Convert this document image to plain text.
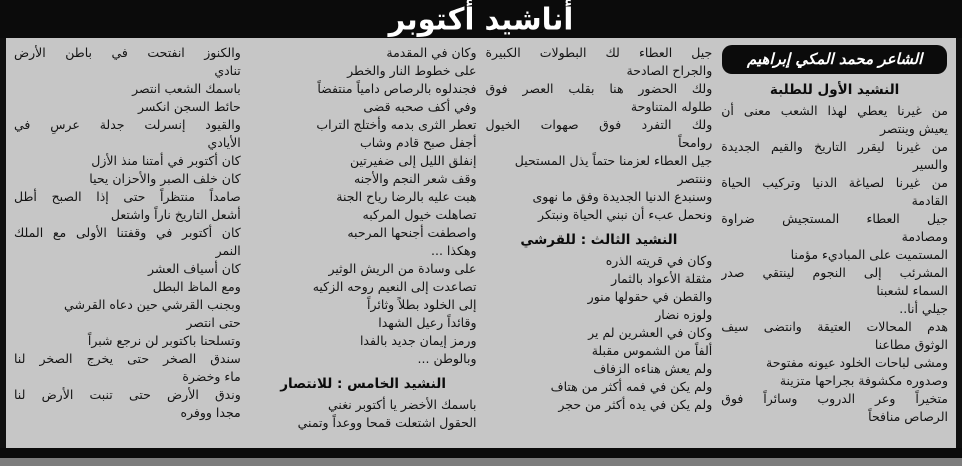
أناشيد أكتوبر
الشاعر محمد المكي إبراهيم
النشيد الأول للطلبة
من غيرنا يعطي لهذا الشعب معنى أن
يعيش وينتصر
من غيرنا ليقرر التاريخ والقيم الجديدة
والسير
من غيرنا لصياغة الدنيا وتركيب الحياة
القادمة
جيل العطاء المستجيش ضراوة
ومصادمة
المستميت على المباديء مؤمنا
المشرئب إلى النجوم لينتقي صدر
السماء لشعبنا
جيلي أنا..
هدم المحالات العتيقة وانتضى سيف
الوثوق مطاعنا
ومشى لباحات الخلود عيونه مفتوحة
وصدوره مكشوفة بجراحها متزينة
متخيراً وعر الدروب وسائراً فوق
الرصاص منافحاً
جيل العطاء لك البطولات الكبيرة
والجراح الصادحة
ولك الحضور هنا بقلب العصر فوق
طلوله المتناوحة
ولك التفرد فوق صهوات الخيول
روامحاً
جيل العطاء لعزمنا حتماً يذل المستحيل
وننتصر
وسنبدع الدنيا الجديدة وفق ما نهوى
ونحمل عبء أن نبني الحياة ونبتكر
النشيد الثالث : للقرشي
وكان في قريته الذره
مثقلة الأعواد بالثمار
والقطن في حقولها منور
ولوزه نضار
وكان في العشرين لم ير
ألفاً من الشموس مقبلة
ولم يعش هناءه الزفاف
ولم يكن في فمه أكثر من هتاف
ولم يكن في يده أكثر من حجر
وكان في المقدمة
على خطوط النار والخطر
فجندلوه بالرصاص دامياً منتفضاً
وفي أكف صحبه قضى
تعطر الثرى بدمه وأختلج التراب
أجفل صبح قادم وشاب
إنفلق الليل إلى ضفيرتين
وقف شعر النجم والأجنه
هبت عليه بالرضا رياح الجنة
تصاهلت خيول المركبه
واصطفت أجنحها المرحبه
وهكذا ...
على وسادة من الريش الوثير
تصاعدت إلى النعيم روحه الزكيه
إلى الخلود بطلاً وثائراً
وقائداً رعيل الشهدا
ورمز إيمان جديد بالفدا
وبالوطن ...
النشيد الخامس : للانتصار
باسمك الأخضر يا أكتوبر نغني
الحقول اشتعلت قمحا ووعداً وتمني
والكنوز انفتحت في باطن الأرض
تنادي
باسمك الشعب انتصر
حائط السجن انكسر
والقيود إنسرلت جدلة عرسٍ في
الأيادي
كان أكتوبر في أمتنا منذ الأزل
كان خلف الصبر والأحزان يحيا
صامداً منتظراً حتى إذا الصبح أطل
أشعل التاريخ ناراً واشتعل
كان أكتوبر في وقفتنا الأولى مع الملك
النمر
كان أسياف العشر
ومع الماظ البطل
وبجنب القرشي حين دعاه القرشي
حتى انتصر
وتسلحنا باكتوبر لن نرجع شبراً
سندق الصخر حتى يخرج الصخر لنا
ماء وخضرة
وندق الأرض حتى تنبت الأرض لنا
مجدا ووفره
